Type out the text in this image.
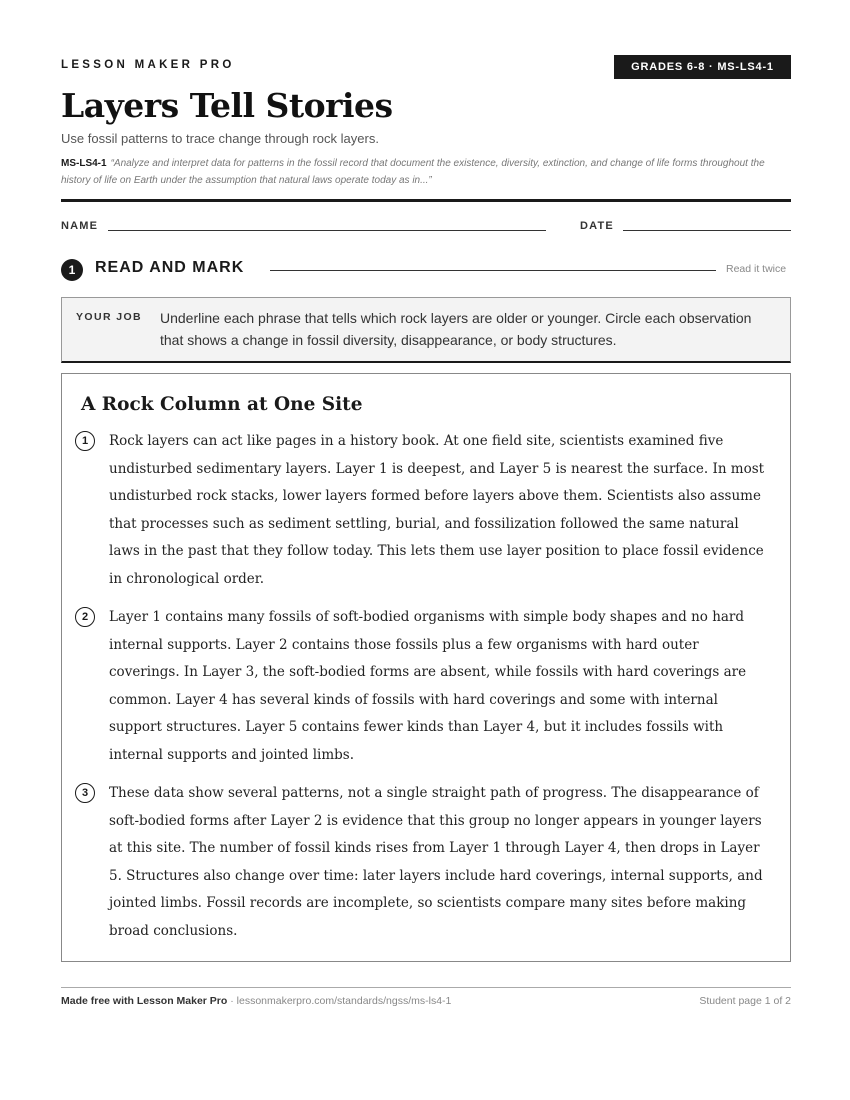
LESSON MAKER PRO	GRADES 6-8 · MS-LS4-1
Layers Tell Stories
Use fossil patterns to trace change through rock layers.
MS-LS4-1 “Analyze and interpret data for patterns in the fossil record that document the existence, diversity, extinction, and change of life forms throughout the history of life on Earth under the assumption that natural laws operate today as in...”
NAME	DATE
1	READ AND MARK	Read it twice
YOUR JOB Underline each phrase that tells which rock layers are older or younger. Circle each observation that shows a change in fossil diversity, disappearance, or body structures.
A Rock Column at One Site
1	Rock layers can act like pages in a history book. At one field site, scientists examined five undisturbed sedimentary layers. Layer 1 is deepest, and Layer 5 is nearest the surface. In most undisturbed rock stacks, lower layers formed before layers above them. Scientists also assume that processes such as sediment settling, burial, and fossilization followed the same natural laws in the past that they follow today. This lets them use layer position to place fossil evidence in chronological order.
2	Layer 1 contains many fossils of soft-bodied organisms with simple body shapes and no hard internal supports. Layer 2 contains those fossils plus a few organisms with hard outer coverings. In Layer 3, the soft-bodied forms are absent, while fossils with hard coverings are common. Layer 4 has several kinds of fossils with hard coverings and some with internal support structures. Layer 5 contains fewer kinds than Layer 4, but it includes fossils with internal supports and jointed limbs.
3	These data show several patterns, not a single straight path of progress. The disappearance of soft-bodied forms after Layer 2 is evidence that this group no longer appears in younger layers at this site. The number of fossil kinds rises from Layer 1 through Layer 4, then drops in Layer 5. Structures also change over time: later layers include hard coverings, internal supports, and jointed limbs. Fossil records are incomplete, so scientists compare many sites before making broad conclusions.
Made free with Lesson Maker Pro · lessonmakerpro.com/standards/ngss/ms-ls4-1	Student page 1 of 2
